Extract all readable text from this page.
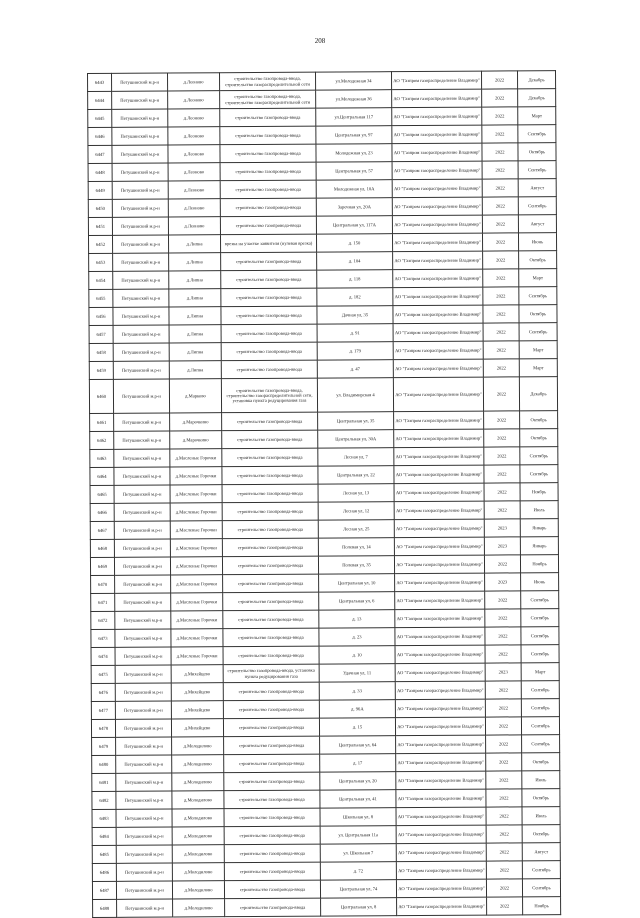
208
6443	Петушинский м.р-н	д.Леоново	строительство газопровода-ввода, строительство газораспределительной сети	ул.Молодежная 34	АО "Газпром газораспределение Владимир"	2022	Декабрь
6444	Петушинский м.р-н	д.Леоново	строительство газопровода-ввода, строительство газораспределительной сети	ул.Молодежная 36	АО "Газпром газораспределение Владимир"	2022	Декабрь
6445	Петушинский м.р-н	д.Леоново	строительство газопровода-ввода	ул.Центральная 117	АО "Газпром газораспределение Владимир"	2022	Март
6446	Петушинский м.р-н	д.Леоново	строительство газопровода-ввода	Центральная ул, 97	АО "Газпром газораспределение Владимир"	2022	Сентябрь
6447	Петушинский м.р-н	д.Леоново	строительство газопровода-ввода	Молодежная ул, 23	АО "Газпром газораспределение Владимир"	2022	Октябрь
6448	Петушинский м.р-н	д.Леоново	строительство газопровода-ввода	Центральная ул, 57	АО "Газпром газораспределение Владимир"	2022	Сентябрь
6449	Петушинский м.р-н	д.Леоново	строительство газопровода-ввода	Молодежная ул, 10А	АО "Газпром газораспределение Владимир"	2022	Август
6450	Петушинский м.р-н	д.Леоново	строительство газопровода-ввода	Заречная ул, 20А	АО "Газпром газораспределение Владимир"	2022	Сентябрь
6451	Петушинский м.р-н	д.Леоново	строительство газопровода-ввода	Центральная ул, 117А	АО "Газпром газораспределение Владимир"	2022	Август
6452	Петушинский м.р-н	д.Липна	врезка на участке заявителя (нулевая врезка)	д. 150	АО "Газпром газораспределение Владимир"	2022	Июнь
6453	Петушинский м.р-н	д.Липна	строительство газопровода-ввода	д. 104	АО "Газпром газораспределение Владимир"	2022	Октябрь
6454	Петушинский м.р-н	д.Липна	строительство газопровода-ввода	д. 118	АО "Газпром газораспределение Владимир"	2022	Март
6455	Петушинский м.р-н	д.Липна	строительство газопровода-ввода	д. 182	АО "Газпром газораспределение Владимир"	2022	Сентябрь
6456	Петушинский м.р-н	д.Липна	строительство газопровода-ввода	Дачная ул, 35	АО "Газпром газораспределение Владимир"	2022	Октябрь
6457	Петушинский м.р-н	д.Липна	строительство газопровода-ввода	д. 91	АО "Газпром газораспределение Владимир"	2022	Сентябрь
6458	Петушинский м.р-н	д.Липна	строительство газопровода-ввода	д. 179	АО "Газпром газораспределение Владимир"	2022	Март
6459	Петушинский м.р-н	д.Липна	строительство газопровода-ввода	д. 47	АО "Газпром газораспределение Владимир"	2022	Март
6460	Петушинский м.р-н	д.Марково	строительство газопровода-ввода, строительство газораспределительной сети, установка пункта редуцирования газа	ул. Владимирская 4	АО "Газпром газораспределение Владимир"	2022	Декабрь
6461	Петушинский м.р-н	д.Марочкино	строительство газопровода-ввода	Центральная ул, 35	АО "Газпром газораспределение Владимир"	2022	Октябрь
6462	Петушинский м.р-н	д.Марочкино	строительство газопровода-ввода	Центральная ул, 30А	АО "Газпром газораспределение Владимир"	2022	Октябрь
6463	Петушинский м.р-н	д.Масленые Горочки	строительство газопровода-ввода	Лесная ул, 7	АО "Газпром газораспределение Владимир"	2022	Сентябрь
6464	Петушинский м.р-н	д.Масленые Горочки	строительство газопровода-ввода	Центральная ул, 22	АО "Газпром газораспределение Владимир"	2022	Сентябрь
6465	Петушинский м.р-н	д.Масленые Горочки	строительство газопровода-ввода	Лесная ул, 13	АО "Газпром газораспределение Владимир"	2022	Ноябрь
6466	Петушинский м.р-н	д.Масленые Горочки	строительство газопровода-ввода	Лесная ул, 12	АО "Газпром газораспределение Владимир"	2022	Июль
6467	Петушинский м.р-н	д.Масленые Горочки	строительство газопровода-ввода	Лесная ул, 25	АО "Газпром газораспределение Владимир"	2023	Январь
6468	Петушинский м.р-н	д.Масленые Горочки	строительство газопровода-ввода	Полевая ул, 14	АО "Газпром газораспределение Владимир"	2023	Январь
6469	Петушинский м.р-н	д.Масленые Горочки	строительство газопровода-ввода	Полевая ул, 35	АО "Газпром газораспределение Владимир"	2022	Ноябрь
6470	Петушинский м.р-н	д.Масленые Горочки	строительство газопровода-ввода	Центральная ул, 10	АО "Газпром газораспределение Владимир"	2023	Июнь
6471	Петушинский м.р-н	д.Масленые Горочки	строительство газопровода-ввода	Центральная ул, 6	АО "Газпром газораспределение Владимир"	2022	Сентябрь
6472	Петушинский м.р-н	д.Масленые Горочки	строительство газопровода-ввода	д. 13	АО "Газпром газораспределение Владимир"	2022	Сентябрь
6473	Петушинский м.р-н	д.Масленые Горочки	строительство газопровода-ввода	д. 23	АО "Газпром газораспределение Владимир"	2022	Сентябрь
6474	Петушинский м.р-н	д.Масленые Горочки	строительство газопровода-ввода	д. 10	АО "Газпром газораспределение Владимир"	2022	Сентябрь
6475	Петушинский м.р-н	д.Михейцево	строительство газопровода-ввода, установка пункта редуцирования газа	Удачная ул, 11	АО "Газпром газораспределение Владимир"	2023	Март
6476	Петушинский м.р-н	д.Михейцево	строительство газопровода-ввода	д. 33	АО "Газпром газораспределение Владимир"	2022	Сентябрь
6477	Петушинский м.р-н	д.Михейцево	строительство газопровода-ввода	д. 96А	АО "Газпром газораспределение Владимир"	2022	Сентябрь
6478	Петушинский м.р-н	д.Михейцево	строительство газопровода-ввода	д. 15	АО "Газпром газораспределение Владимир"	2022	Сентябрь
6479	Петушинский м.р-н	д.Молодилово	строительство газопровода-ввода	Центральная ул, 64	АО "Газпром газораспределение Владимир"	2022	Сентябрь
6480	Петушинский м.р-н	д.Молодилово	строительство газопровода-ввода	д. 17	АО "Газпром газораспределение Владимир"	2022	Октябрь
6481	Петушинский м.р-н	д.Молодилово	строительство газопровода-ввода	Центральная ул, 20	АО "Газпром газораспределение Владимир"	2022	Июль
6482	Петушинский м.р-н	д.Молодилово	строительство газопровода-ввода	Центральная ул, 41	АО "Газпром газораспределение Владимир"	2022	Октябрь
6483	Петушинский м.р-н	д.Молодилово	строительство газопровода-ввода	Школьная ул, 8	АО "Газпром газораспределение Владимир"	2022	Июль
6484	Петушинский м.р-н	д.Молодилово	строительство газопровода-ввода	ул. Центральная 11а	АО "Газпром газораспределение Владимир"	2022	Октябрь
6485	Петушинский м.р-н	д.Молодилово	строительство газопровода-ввода	ул. Школьная 7	АО "Газпром газораспределение Владимир"	2022	Август
6486	Петушинский м.р-н	д.Молодилово	строительство газопровода-ввода	д. 72	АО "Газпром газораспределение Владимир"	2022	Сентябрь
6487	Петушинский м.р-н	д.Молодилово	строительство газопровода-ввода	Центральная ул, 74	АО "Газпром газораспределение Владимир"	2022	Сентябрь
6488	Петушинский м.р-н	д.Молодилово	строительство газопровода-ввода	Центральная ул, 8	АО "Газпром газораспределение Владимир"	2022	Ноябрь
